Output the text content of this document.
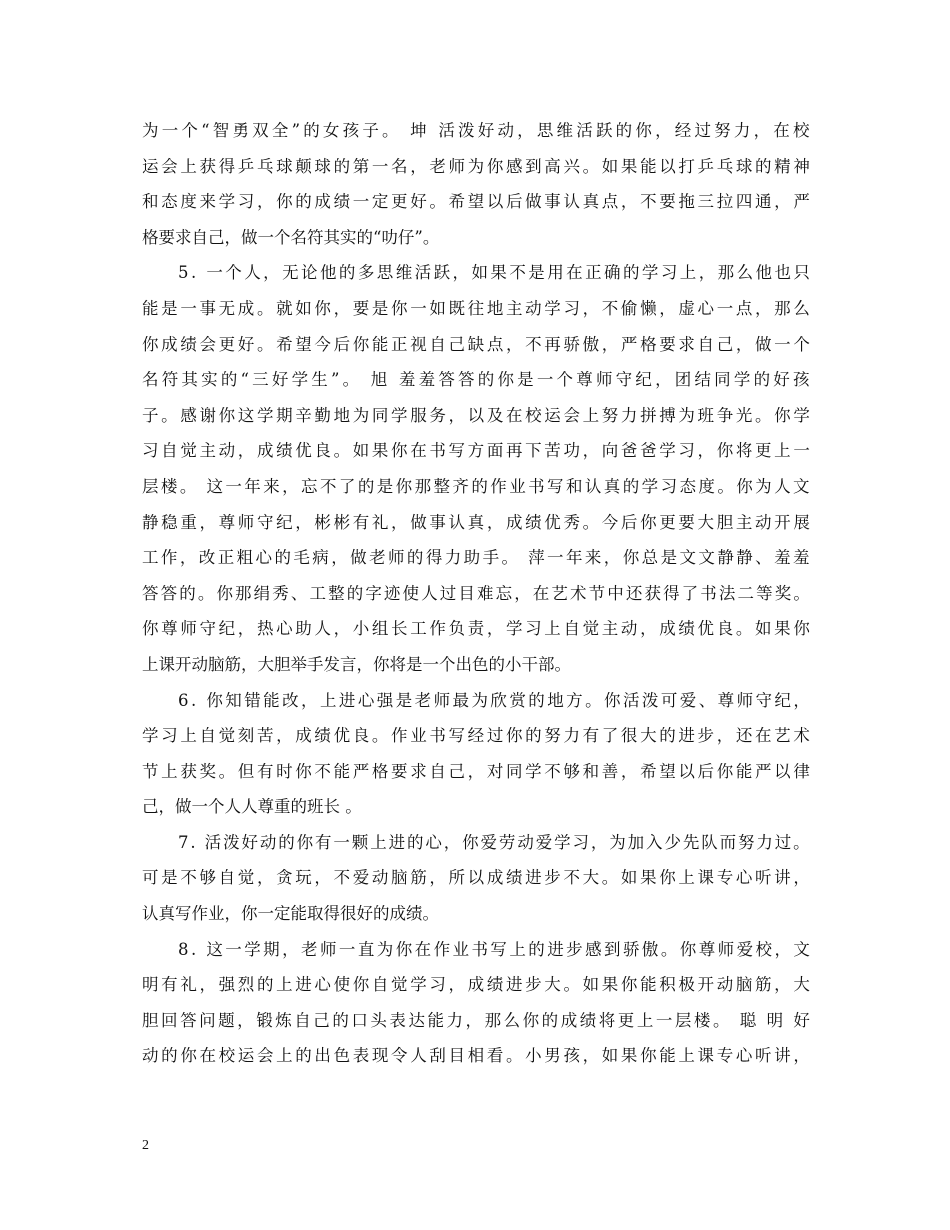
为 一 个 “ 智 勇 双 全 ” 的 女 孩 子 。
坤
活 泼 好 动 ， 思 维 活 跃 的 你 ， 经 过 努 力 ， 在 校
运 会 上 获 得 乒 乓 球 颠 球 的 第 一 名 ， 老 师 为 你 感 到 高 兴 。 如 果 能 以 打 乒 乓 球 的 精 神
和 态 度 来 学 习 ， 你 的 成 绩 一 定 更 好 。 希 望 以 后 做 事 认 真 点 ， 不 要 拖 三 拉 四 通 ， 严
格要求自己，做一个名符其实的“叻仔”。
5 .
一 个 人 ， 无 论 他 的 多 思 维 活 跃 ， 如 果 不 是 用 在 正 确 的 学 习 上 ， 那 么 他 也 只
能 是 一 事 无 成 。 就 如 你 ， 要 是 你 一 如 既 往 地 主 动 学 习 ， 不 偷 懒 ， 虚 心 一 点 ， 那 么
你 成 绩 会 更 好 。 希 望 今 后 你 能 正 视 自 己 缺 点 ， 不 再 骄 傲 ， 严 格 要 求 自 己 ， 做 一 个
名 符 其 实 的 “ 三 好 学 生 ” 。
旭
羞 羞 答 答 的 你 是 一 个 尊 师 守 纪 ， 团 结 同 学 的 好 孩
子 。 感 谢 你 这 学 期 辛 勤 地 为 同 学 服 务 ， 以 及 在 校 运 会 上 努 力 拼 搏 为 班 争 光 。 你 学
习 自 觉 主 动 ， 成 绩 优 良 。 如 果 你 在 书 写 方 面 再 下 苦 功 ， 向 爸 爸 学 习 ， 你 将 更 上 一
层 楼 。
这 一 年 来 ， 忘 不 了 的 是 你 那 整 齐 的 作 业 书 写 和 认 真 的 学 习 态 度 。 你 为 人 文
静 稳 重 ， 尊 师 守 纪 ， 彬 彬 有 礼 ， 做 事 认 真 ， 成 绩 优 秀 。 今 后 你 更 要 大 胆 主 动 开 展
工 作 ， 改 正 粗 心 的 毛 病 ， 做 老 师 的 得 力 助 手 。
萍 一 年 来 ， 你 总 是 文 文 静 静 、 羞 羞
答 答 的 。 你 那 绢 秀 、 工 整 的 字 迹 使 人 过 目 难 忘 ， 在 艺 术 节 中 还 获 得 了 书 法 二 等 奖 。
你 尊 师 守 纪 ， 热 心 助 人 ， 小 组 长 工 作 负 责 ， 学 习 上 自 觉 主 动 ， 成 绩 优 良 。 如 果 你
上课开动脑筋，大胆举手发言，你将是一个出色的小干部。
6 .
你 知 错 能 改 ， 上 进 心 强 是 老 师 最 为 欣 赏 的 地 方 。 你 活 泼 可 爱 、 尊 师 守 纪 ，
学 习 上 自 觉 刻 苦 ， 成 绩 优 良 。 作 业 书 写 经 过 你 的 努 力 有 了 很 大 的 进 步 ， 还 在 艺 术
节 上 获 奖 。 但 有 时 你 不 能 严 格 要 求 自 己 ， 对 同 学 不 够 和 善 ， 希 望 以 后 你 能 严 以 律
己，做一个人人尊重的班长 。
7 .
活 泼 好 动 的 你 有 一 颗 上 进 的 心 ， 你 爱 劳 动 爱 学 习 ， 为 加 入 少 先 队 而 努 力 过 。
可 是 不 够 自 觉 ， 贪 玩 ， 不 爱 动 脑 筋 ， 所 以 成 绩 进 步 不 大 。 如 果 你 上 课 专 心 听 讲 ，
认真写作业，你一定能取得很好的成绩。
8 .
这 一 学 期 ， 老 师 一 直 为 你 在 作 业 书 写 上 的 进 步 感 到 骄 傲 。 你 尊 师 爱 校 ， 文
明 有 礼 ， 强 烈 的 上 进 心 使 你 自 觉 学 习 ， 成 绩 进 步 大 。 如 果 你 能 积 极 开 动 脑 筋 ， 大
胆 回 答 问 题 ， 锻 炼 自 己 的 口 头 表 达 能 力 ， 那 么 你 的 成 绩 将 更 上 一 层 楼 。
聪
明
好
动 的 你 在 校 运 会 上 的 出 色 表 现 令 人 刮 目 相 看 。 小 男 孩 ， 如 果 你 能 上 课 专 心 听 讲 ，
2
